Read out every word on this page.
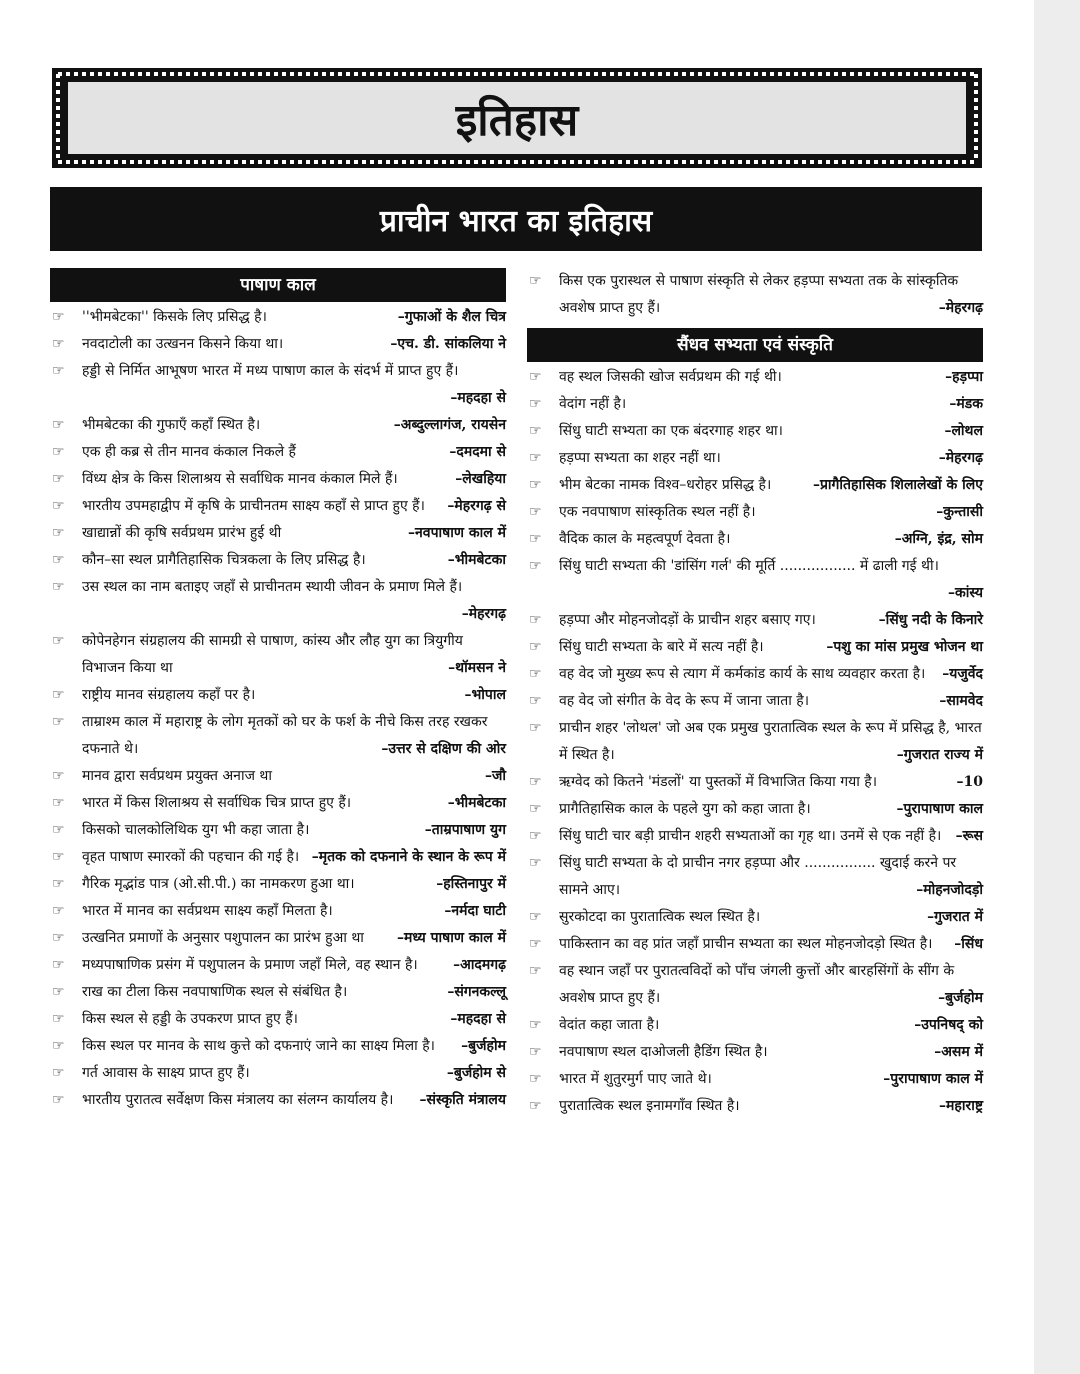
इतिहास
प्राचीन भारत का इतिहास
पाषाण काल
☞ ''भीमबेटका'' किसके लिए प्रसिद्ध है।	–गुफाओं के शैल चित्र
☞ नवदाटोली का उत्खनन किसने किया था।	–एच. डी. सांकलिया ने
☞ हड्डी से निर्मित आभूषण भारत में मध्य पाषाण काल के संदर्भ में प्राप्त हुए हैं।
–महदहा से
☞ भीमबेटका की गुफाएँ कहाँ स्थित है।	–अब्दुल्लागंज, रायसेन
☞ एक ही कब्र से तीन मानव कंकाल निकले हैं	–दमदमा से
☞ विंध्य क्षेत्र के किस शिलाश्रय से सर्वाधिक मानव कंकाल मिले हैं।	–लेखहिया
☞ भारतीय उपमहाद्वीप में कृषि के प्राचीनतम साक्ष्य कहाँ से प्राप्त हुए हैं।	–मेहरगढ़ से
☞ खाद्यान्नों की कृषि सर्वप्रथम प्रारंभ हुई थी	–नवपाषाण काल में
☞ कौन–सा स्थल प्रागैतिहासिक चित्रकला के लिए प्रसिद्ध है।	–भीमबेटका
☞ उस स्थल का नाम बताइए जहाँ से प्राचीनतम स्थायी जीवन के प्रमाण मिले हैं।
–मेहरगढ़
☞ कोपेनहेगन संग्रहालय की सामग्री से पाषाण, कांस्य और लौह युग का त्रियुगीय विभाजन किया था	–थॉमसन ने
☞ राष्ट्रीय मानव संग्रहालय कहाँ पर है।	–भोपाल
☞ ताम्राश्म काल में महाराष्ट्र के लोग मृतकों को घर के फर्श के नीचे किस तरह रखकर दफनाते थे।	–उत्तर से दक्षिण की ओर
☞ मानव द्वारा सर्वप्रथम प्रयुक्त अनाज था	–जौ
☞ भारत में किस शिलाश्रय से सर्वाधिक चित्र प्राप्त हुए हैं।	–भीमबेटका
☞ किसको चालकोलिथिक युग भी कहा जाता है।	–ताम्रपाषाण युग
☞ वृहत पाषाण स्मारकों की पहचान की गई है। –मृतक को दफनाने के स्थान के रूप में
☞ गैरिक मृद्भांड पात्र (ओ.सी.पी.) का नामकरण हुआ था।	–हस्तिनापुर में
☞ भारत में मानव का सर्वप्रथम साक्ष्य कहाँ मिलता है।	–नर्मदा घाटी
☞ उत्खनित प्रमाणों के अनुसार पशुपालन का प्रारंभ हुआ था	–मध्य पाषाण काल में
☞ मध्यपाषाणिक प्रसंग में पशुपालन के प्रमाण जहाँ मिले, वह स्थान है।	–आदमगढ़
☞ राख का टीला किस नवपाषाणिक स्थल से संबंधित है।	–संगनकल्लू
☞ किस स्थल से हड्डी के उपकरण प्राप्त हुए हैं।	–महदहा से
☞ किस स्थल पर मानव के साथ कुत्ते को दफनाएं जाने का साक्ष्य मिला है।	–बुर्जहोम
☞ गर्त आवास के साक्ष्य प्राप्त हुए हैं।	–बुर्जहोम से
☞ भारतीय पुरातत्व सर्वेक्षण किस मंत्रालय का संलग्न कार्यालय है।	–संस्कृति मंत्रालय
☞ किस एक पुरास्थल से पाषाण संस्कृति से लेकर हड़प्पा सभ्यता तक के सांस्कृतिक अवशेष प्राप्त हुए हैं।	–मेहरगढ़
सैंधव सभ्यता एवं संस्कृति
☞ वह स्थल जिसकी खोज सर्वप्रथम की गई थी।	–हड़प्पा
☞ वेदांग नहीं है।	–मंडक
☞ सिंधु घाटी सभ्यता का एक बंदरगाह शहर था।	–लोथल
☞ हड़प्पा सभ्यता का शहर नहीं था।	–मेहरगढ़
☞ भीम बेटका नामक विश्व–धरोहर प्रसिद्ध है।	–प्रागैतिहासिक शिलालेखों के लिए
☞ एक नवपाषाण सांस्कृतिक स्थल नहीं है।	–कुन्तासी
☞ वैदिक काल के महत्वपूर्ण देवता है।	–अग्नि, इंद्र, सोम
☞ सिंधु घाटी सभ्यता की 'डांसिंग गर्ल' की मूर्ति ................. में ढाली गई थी।
–कांस्य
☞ हड़प्पा और मोहनजोदड़ों के प्राचीन शहर बसाए गए।	–सिंधु नदी के किनारे
☞ सिंधु घाटी सभ्यता के बारे में सत्य नहीं है।	–पशु का मांस प्रमुख भोजन था
☞ वह वेद जो मुख्य रूप से त्याग में कर्मकांड कार्य के साथ व्यवहार करता है।	–यजुर्वेद
☞ वह वेद जो संगीत के वेद के रूप में जाना जाता है।	–सामवेद
☞ प्राचीन शहर 'लोथल' जो अब एक प्रमुख पुरातात्विक स्थल के रूप में प्रसिद्ध है, भारत में स्थित है।	–गुजरात राज्य में
☞ ऋग्वेद को कितने 'मंडलों' या पुस्तकों में विभाजित किया गया है।	–10
☞ प्रागैतिहासिक काल के पहले युग को कहा जाता है।	–पुरापाषाण काल
☞ सिंधु घाटी चार बड़ी प्राचीन शहरी सभ्यताओं का गृह था। उनमें से एक नहीं है।	–रूस
☞ सिंधु घाटी सभ्यता के दो प्राचीन नगर हड़प्पा और ................ खुदाई करने पर सामने आए।	–मोहनजोदड़ो
☞ सुरकोटदा का पुरातात्विक स्थल स्थित है।	–गुजरात में
☞ पाकिस्तान का वह प्रांत जहाँ प्राचीन सभ्यता का स्थल मोहनजोदड़ो स्थित है।	–सिंध
☞ वह स्थान जहाँ पर पुरातत्वविदों को पाँच जंगली कुत्तों और बारहसिंगों के सींग के अवशेष प्राप्त हुए हैं।	–बुर्जहोम
☞ वेदांत कहा जाता है।	–उपनिषद् को
☞ नवपाषाण स्थल दाओजली हैडिंग स्थित है।	–असम में
☞ भारत में शुतुरमुर्ग पाए जाते थे।	–पुरापाषाण काल में
☞ पुरातात्विक स्थल इनामगाँव स्थित है।	–महाराष्ट्र
